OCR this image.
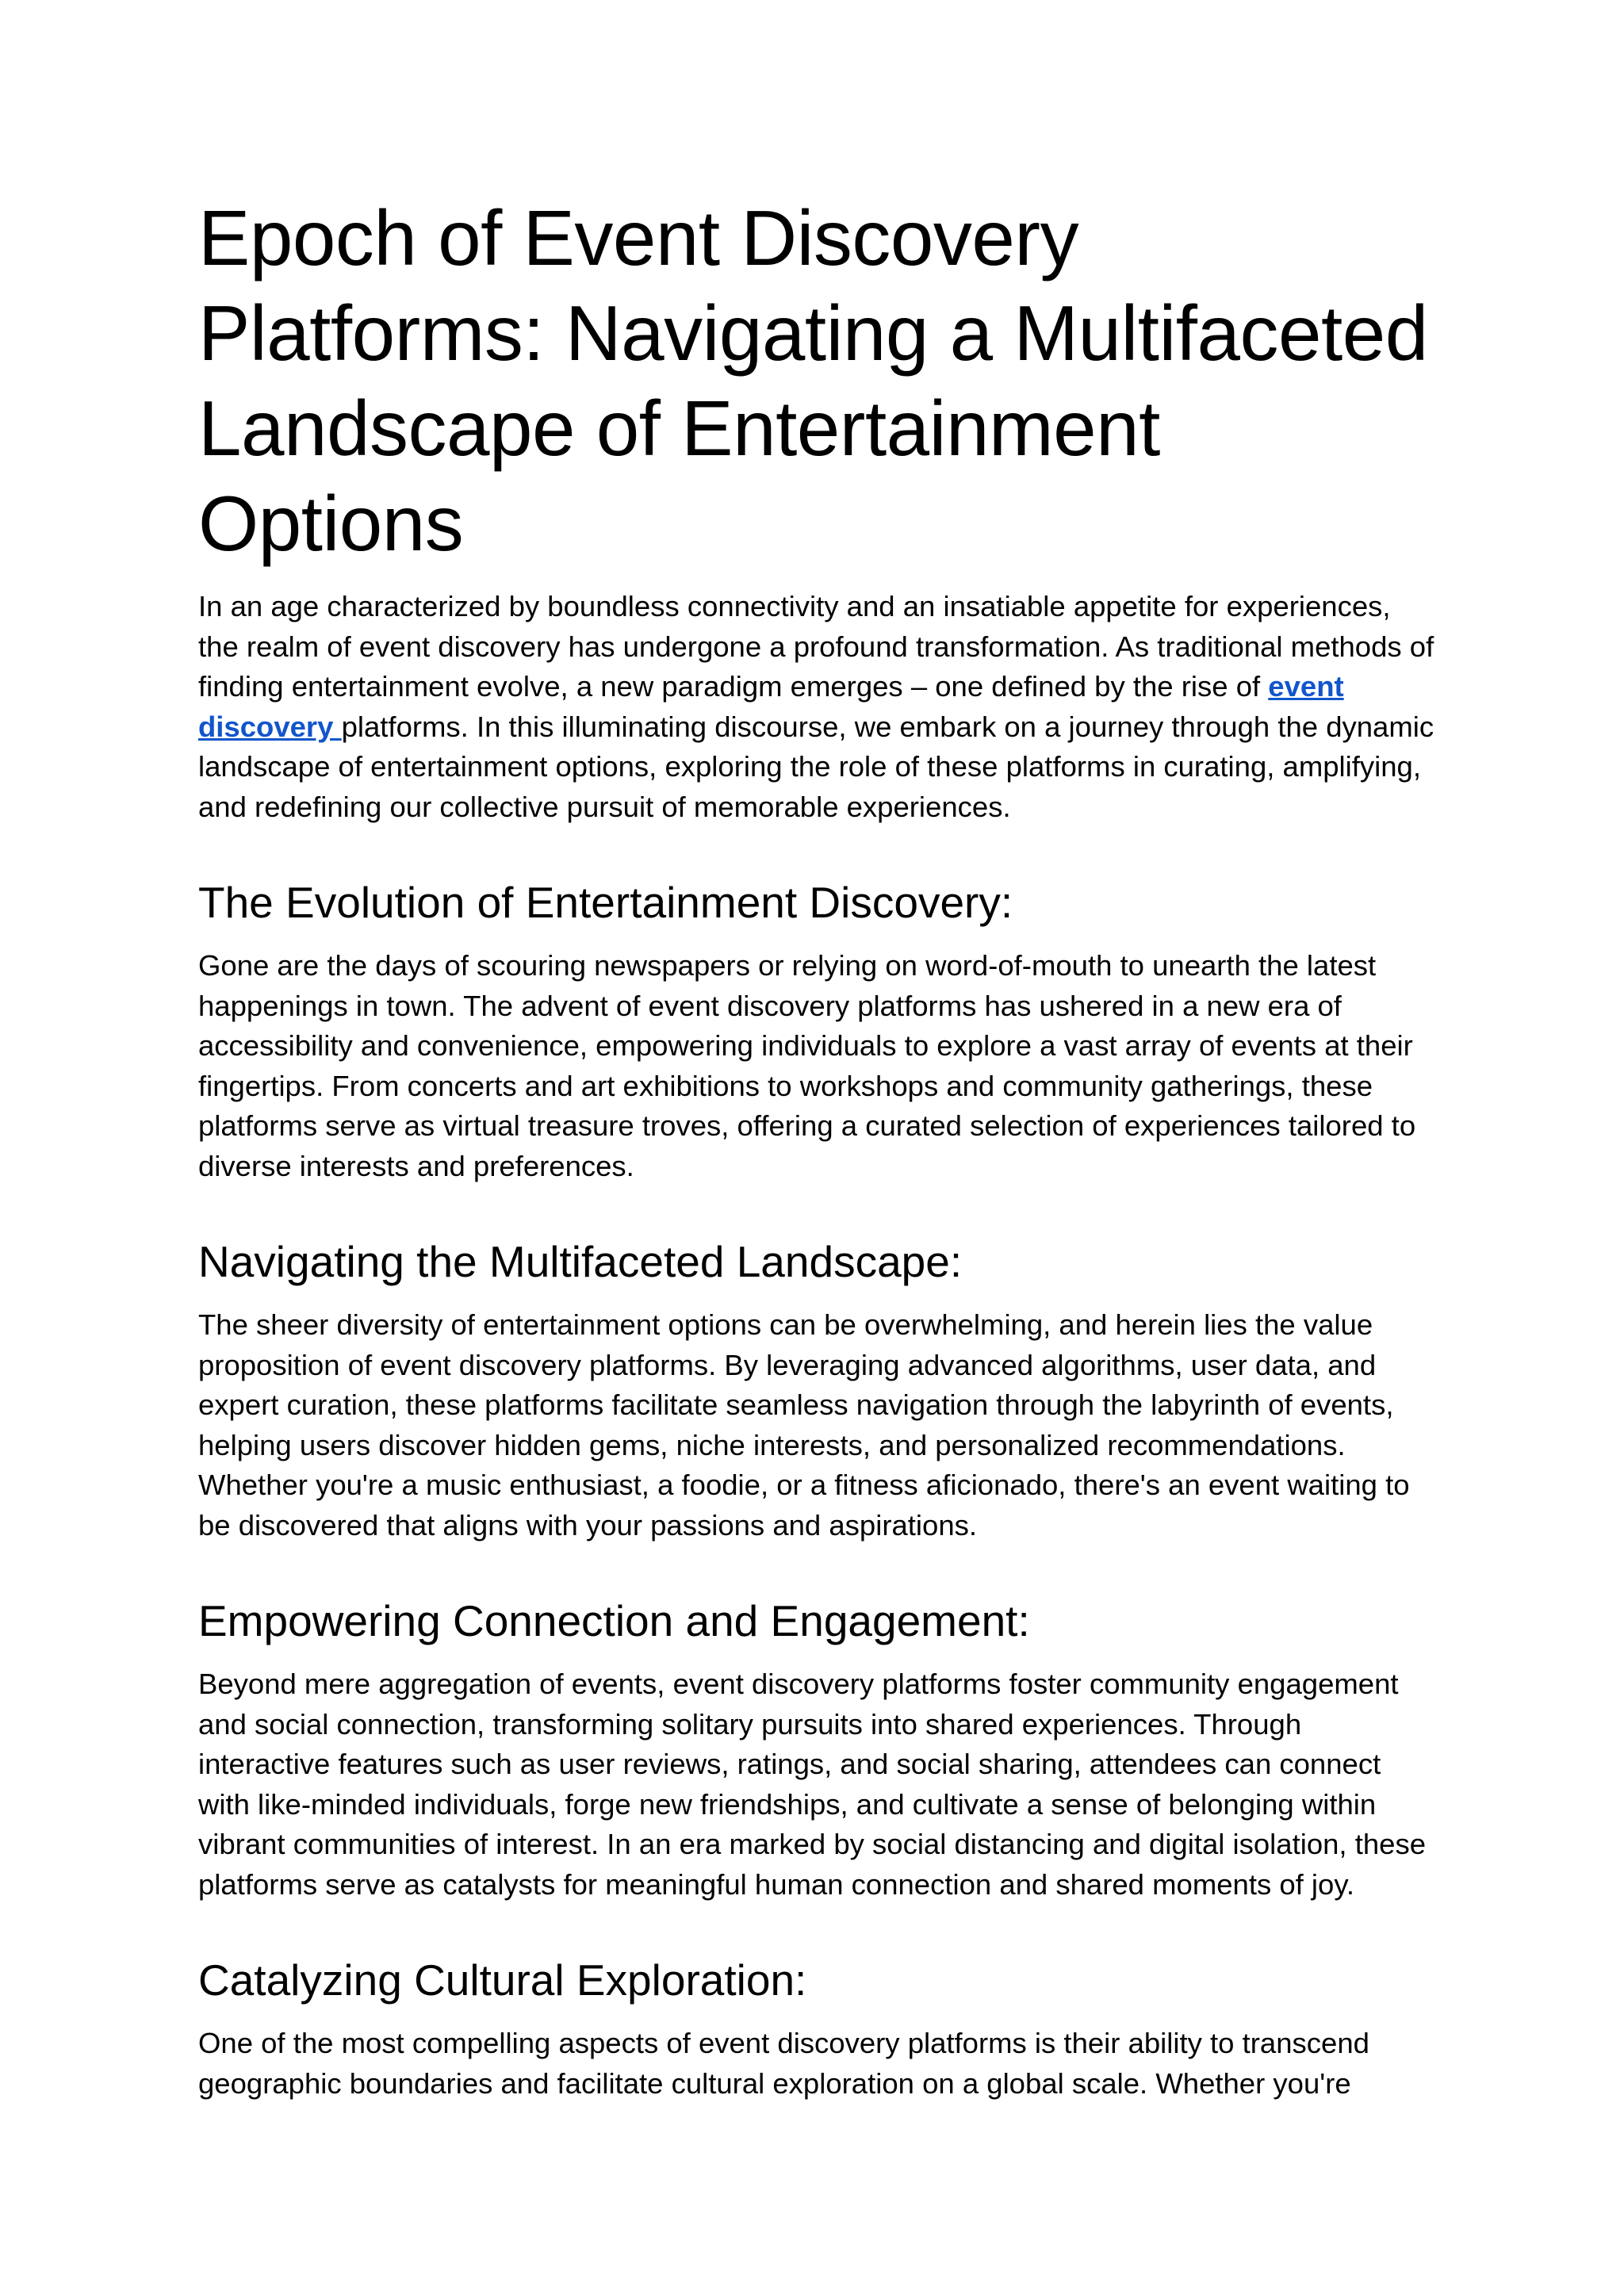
Epoch of Event Discovery Platforms: Navigating a Multifaceted Landscape of Entertainment Options

In an age characterized by boundless connectivity and an insatiable appetite for experiences, the realm of event discovery has undergone a profound transformation. As traditional methods of finding entertainment evolve, a new paradigm emerges – one defined by the rise of event discovery platforms. In this illuminating discourse, we embark on a journey through the dynamic landscape of entertainment options, exploring the role of these platforms in curating, amplifying, and redefining our collective pursuit of memorable experiences.

The Evolution of Entertainment Discovery:

Gone are the days of scouring newspapers or relying on word-of-mouth to unearth the latest happenings in town. The advent of event discovery platforms has ushered in a new era of accessibility and convenience, empowering individuals to explore a vast array of events at their fingertips. From concerts and art exhibitions to workshops and community gatherings, these platforms serve as virtual treasure troves, offering a curated selection of experiences tailored to diverse interests and preferences.

Navigating the Multifaceted Landscape:

The sheer diversity of entertainment options can be overwhelming, and herein lies the value proposition of event discovery platforms. By leveraging advanced algorithms, user data, and expert curation, these platforms facilitate seamless navigation through the labyrinth of events, helping users discover hidden gems, niche interests, and personalized recommendations. Whether you're a music enthusiast, a foodie, or a fitness aficionado, there's an event waiting to be discovered that aligns with your passions and aspirations.

Empowering Connection and Engagement:

Beyond mere aggregation of events, event discovery platforms foster community engagement and social connection, transforming solitary pursuits into shared experiences. Through interactive features such as user reviews, ratings, and social sharing, attendees can connect with like-minded individuals, forge new friendships, and cultivate a sense of belonging within vibrant communities of interest. In an era marked by social distancing and digital isolation, these platforms serve as catalysts for meaningful human connection and shared moments of joy.

Catalyzing Cultural Exploration:

One of the most compelling aspects of event discovery platforms is their ability to transcend geographic boundaries and facilitate cultural exploration on a global scale. Whether you're
